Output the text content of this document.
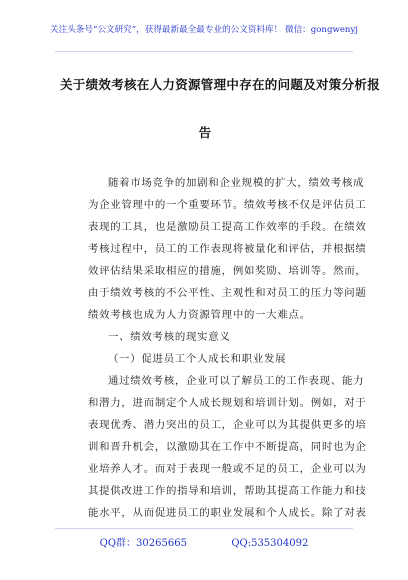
关注头条号“公文研究”，获得最新最全最专业的公文资料库！ 微信：gongwenyj
关于绩效考核在人力资源管理中存在的问题及对策分析报
告
随着市场竞争的加剧和企业规模的扩大，绩效考核成
为企业管理中的一个重要环节。绩效考核不仅是评估员工
表现的工具，也是激励员工提高工作效率的手段。在绩效
考核过程中，员工的工作表现将被量化和评估，并根据绩
效评估结果采取相应的措施，例如奖励、培训等。然而，
由于绩效考核的不公平性、主观性和对员工的压力等问题
绩效考核也成为人力资源管理中的一大难点。
一、绩效考核的现实意义
（一）促进员工个人成长和职业发展
通过绩效考核，企业可以了解员工的工作表现、能力
和潜力，进而制定个人成长规划和培训计划。例如，对于
表现优秀、潜力突出的员工，企业可以为其提供更多的培
训和晋升机会，以激励其在工作中不断提高，同时也为企
业培养人才。而对于表现一般或不足的员工，企业可以为
其提供改进工作的指导和培训，帮助其提高工作能力和技
能水平，从而促进员工的职业发展和个人成长。除了对表
QQ群：30265665	QQ:535304092
